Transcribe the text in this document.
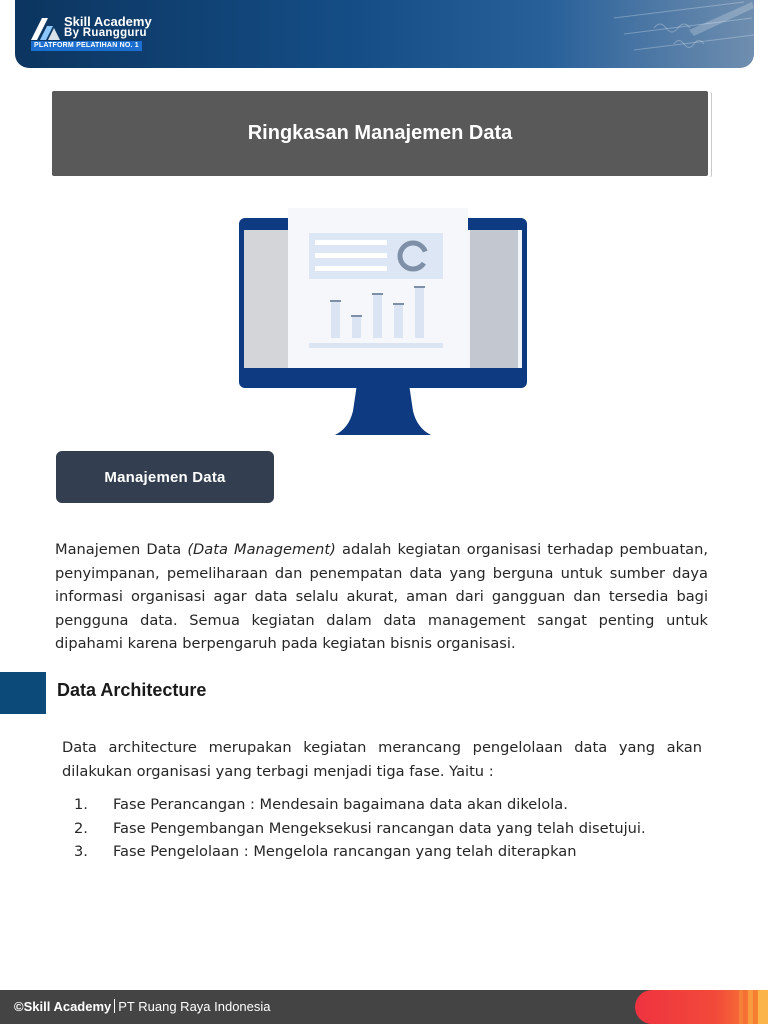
Skill Academy
By Ruangguru
PLATFORM PELATIHAN NO. 1
Ringkasan Manajemen Data
Manajemen Data

Manajemen Data (Data Management) adalah kegiatan organisasi terhadap pembuatan, penyimpanan, pemeliharaan dan penempatan data yang berguna untuk sumber daya informasi organisasi agar data selalu akurat, aman dari gangguan dan tersedia bagi pengguna data. Semua kegiatan dalam data management sangat penting untuk dipahami karena berpengaruh pada kegiatan bisnis organisasi.

Data Architecture

Data architecture merupakan kegiatan merancang pengelolaan data yang akan dilakukan organisasi yang terbagi menjadi tiga fase. Yaitu :

1. Fase Perancangan : Mendesain bagaimana data akan dikelola.
2. Fase Pengembangan Mengeksekusi rancangan data yang telah disetujui.
3. Fase Pengelolaan : Mengelola rancangan yang telah diterapkan
©Skill Academy PT Ruang Raya Indonesia
